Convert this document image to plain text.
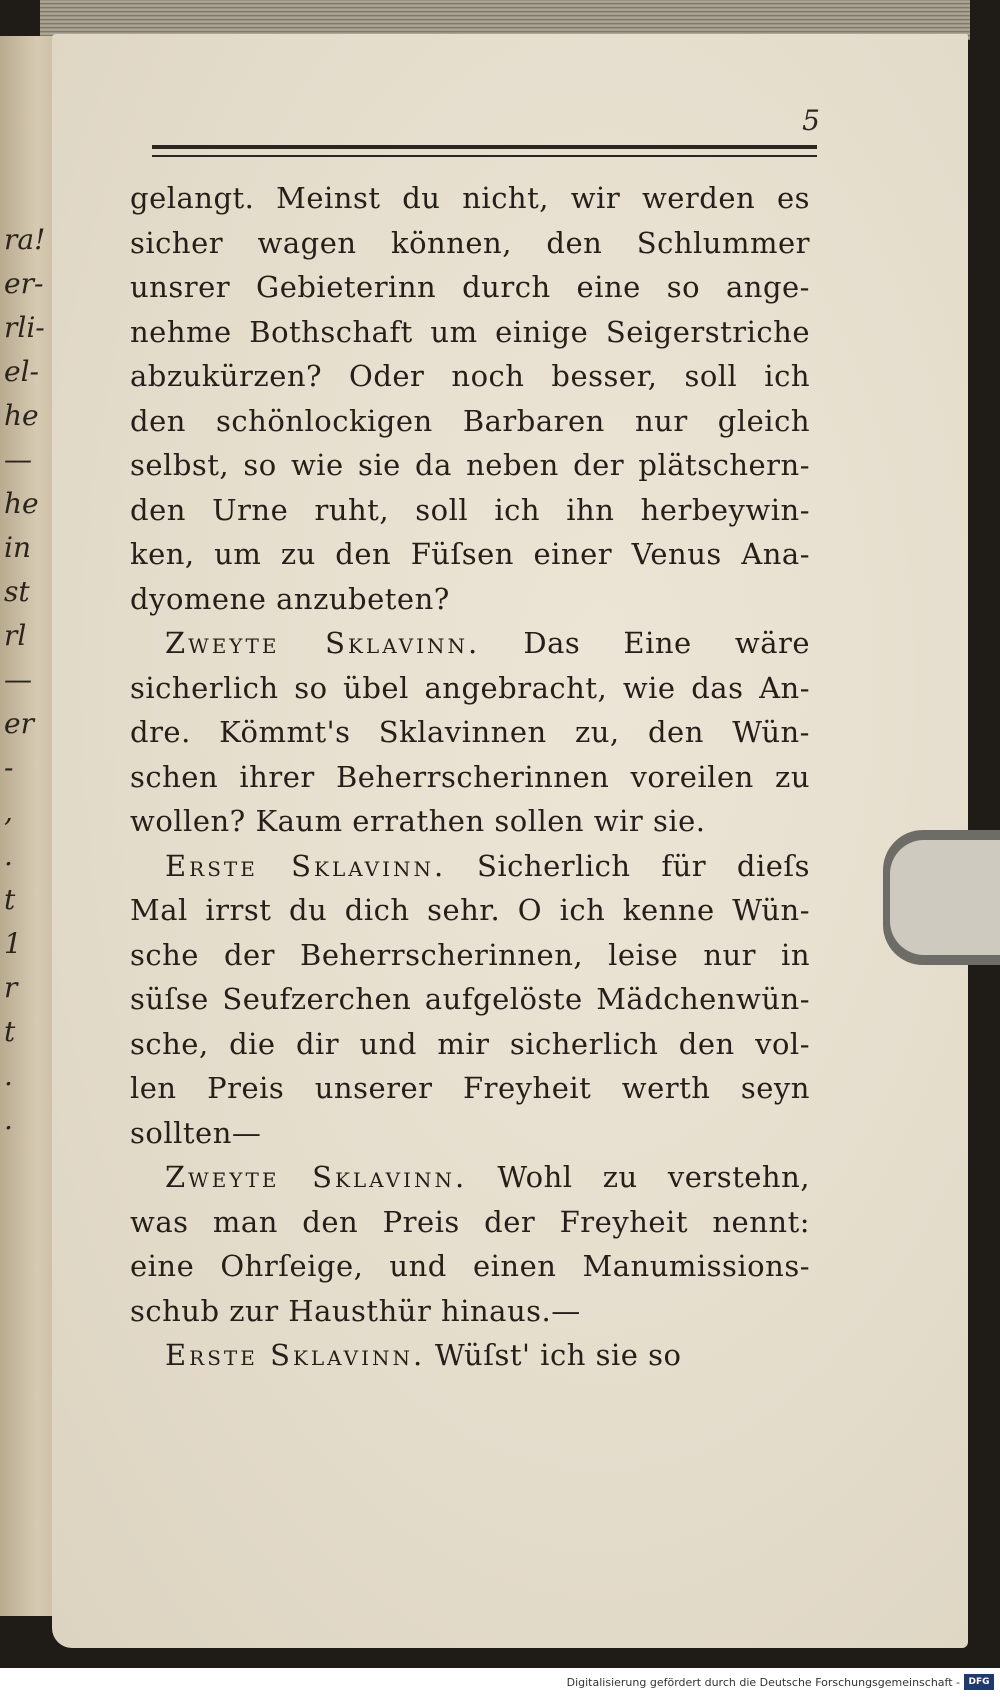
ra!
er-
rli-
el-
he
—
he
in
st
rl
—
er
-
,
.
t
1
r
t
.
.
5
gelangt. Meinst du nicht, wir werden es
sicher wagen können, den Schlummer
unsrer Gebieterinn durch eine so ange-
nehme Bothschaft um einige Seigerstriche
abzukürzen? Oder noch besser, soll ich
den schönlockigen Barbaren nur gleich
selbst, so wie sie da neben der plätschern-
den Urne ruht, soll ich ihn herbeywin-
ken, um zu den Füſsen einer Venus Ana-
dyomene anzubeten?
Zweyte Sklavinn. Das Eine wäre
sicherlich so übel angebracht, wie das An-
dre. Kömmt's Sklavinnen zu, den Wün-
schen ihrer Beherrscherinnen voreilen zu
wollen? Kaum errathen sollen wir sie.
Erste Sklavinn. Sicherlich für dieſs
Mal irrst du dich sehr. O ich kenne Wün-
sche der Beherrscherinnen, leise nur in
süſse Seufzerchen aufgelöste Mädchenwün-
sche, die dir und mir sicherlich den vol-
len Preis unserer Freyheit werth seyn
sollten—
Zweyte Sklavinn. Wohl zu verstehn,
was man den Preis der Freyheit nennt:
eine Ohrſeige, und einen Manumissions-
schub zur Hausthür hinaus.—
Erste Sklavinn. Wüſst' ich sie so
Digitalisierung gefördert durch die Deutsche Forschungsgemeinschaft - DFG
